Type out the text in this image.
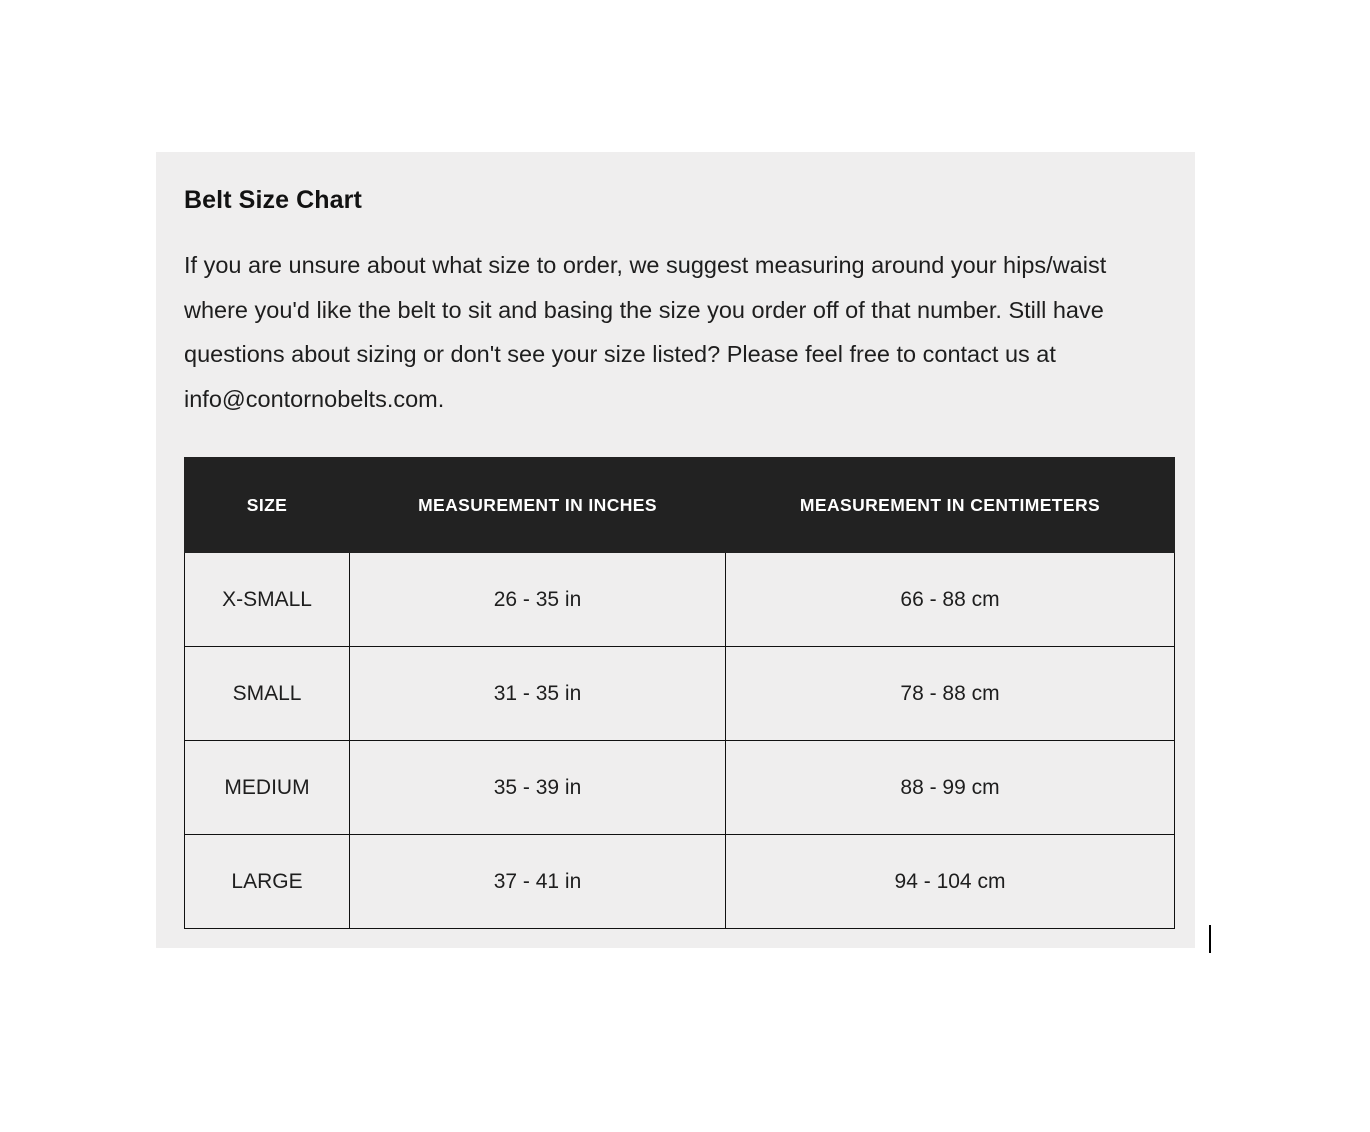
Belt Size Chart

If you are unsure about what size to order, we suggest measuring around your hips/waist where you'd like the belt to sit and basing the size you order off of that number. Still have questions about sizing or don't see your size listed? Please feel free to contact us at info@contornobelts.com.

SIZE	MEASUREMENT IN INCHES	MEASUREMENT IN CENTIMETERS
X-SMALL	26 - 35 in	66 - 88 cm
SMALL	31 - 35 in	78 - 88 cm
MEDIUM	35 - 39 in	88 - 99 cm
LARGE	37 - 41 in	94 - 104 cm
